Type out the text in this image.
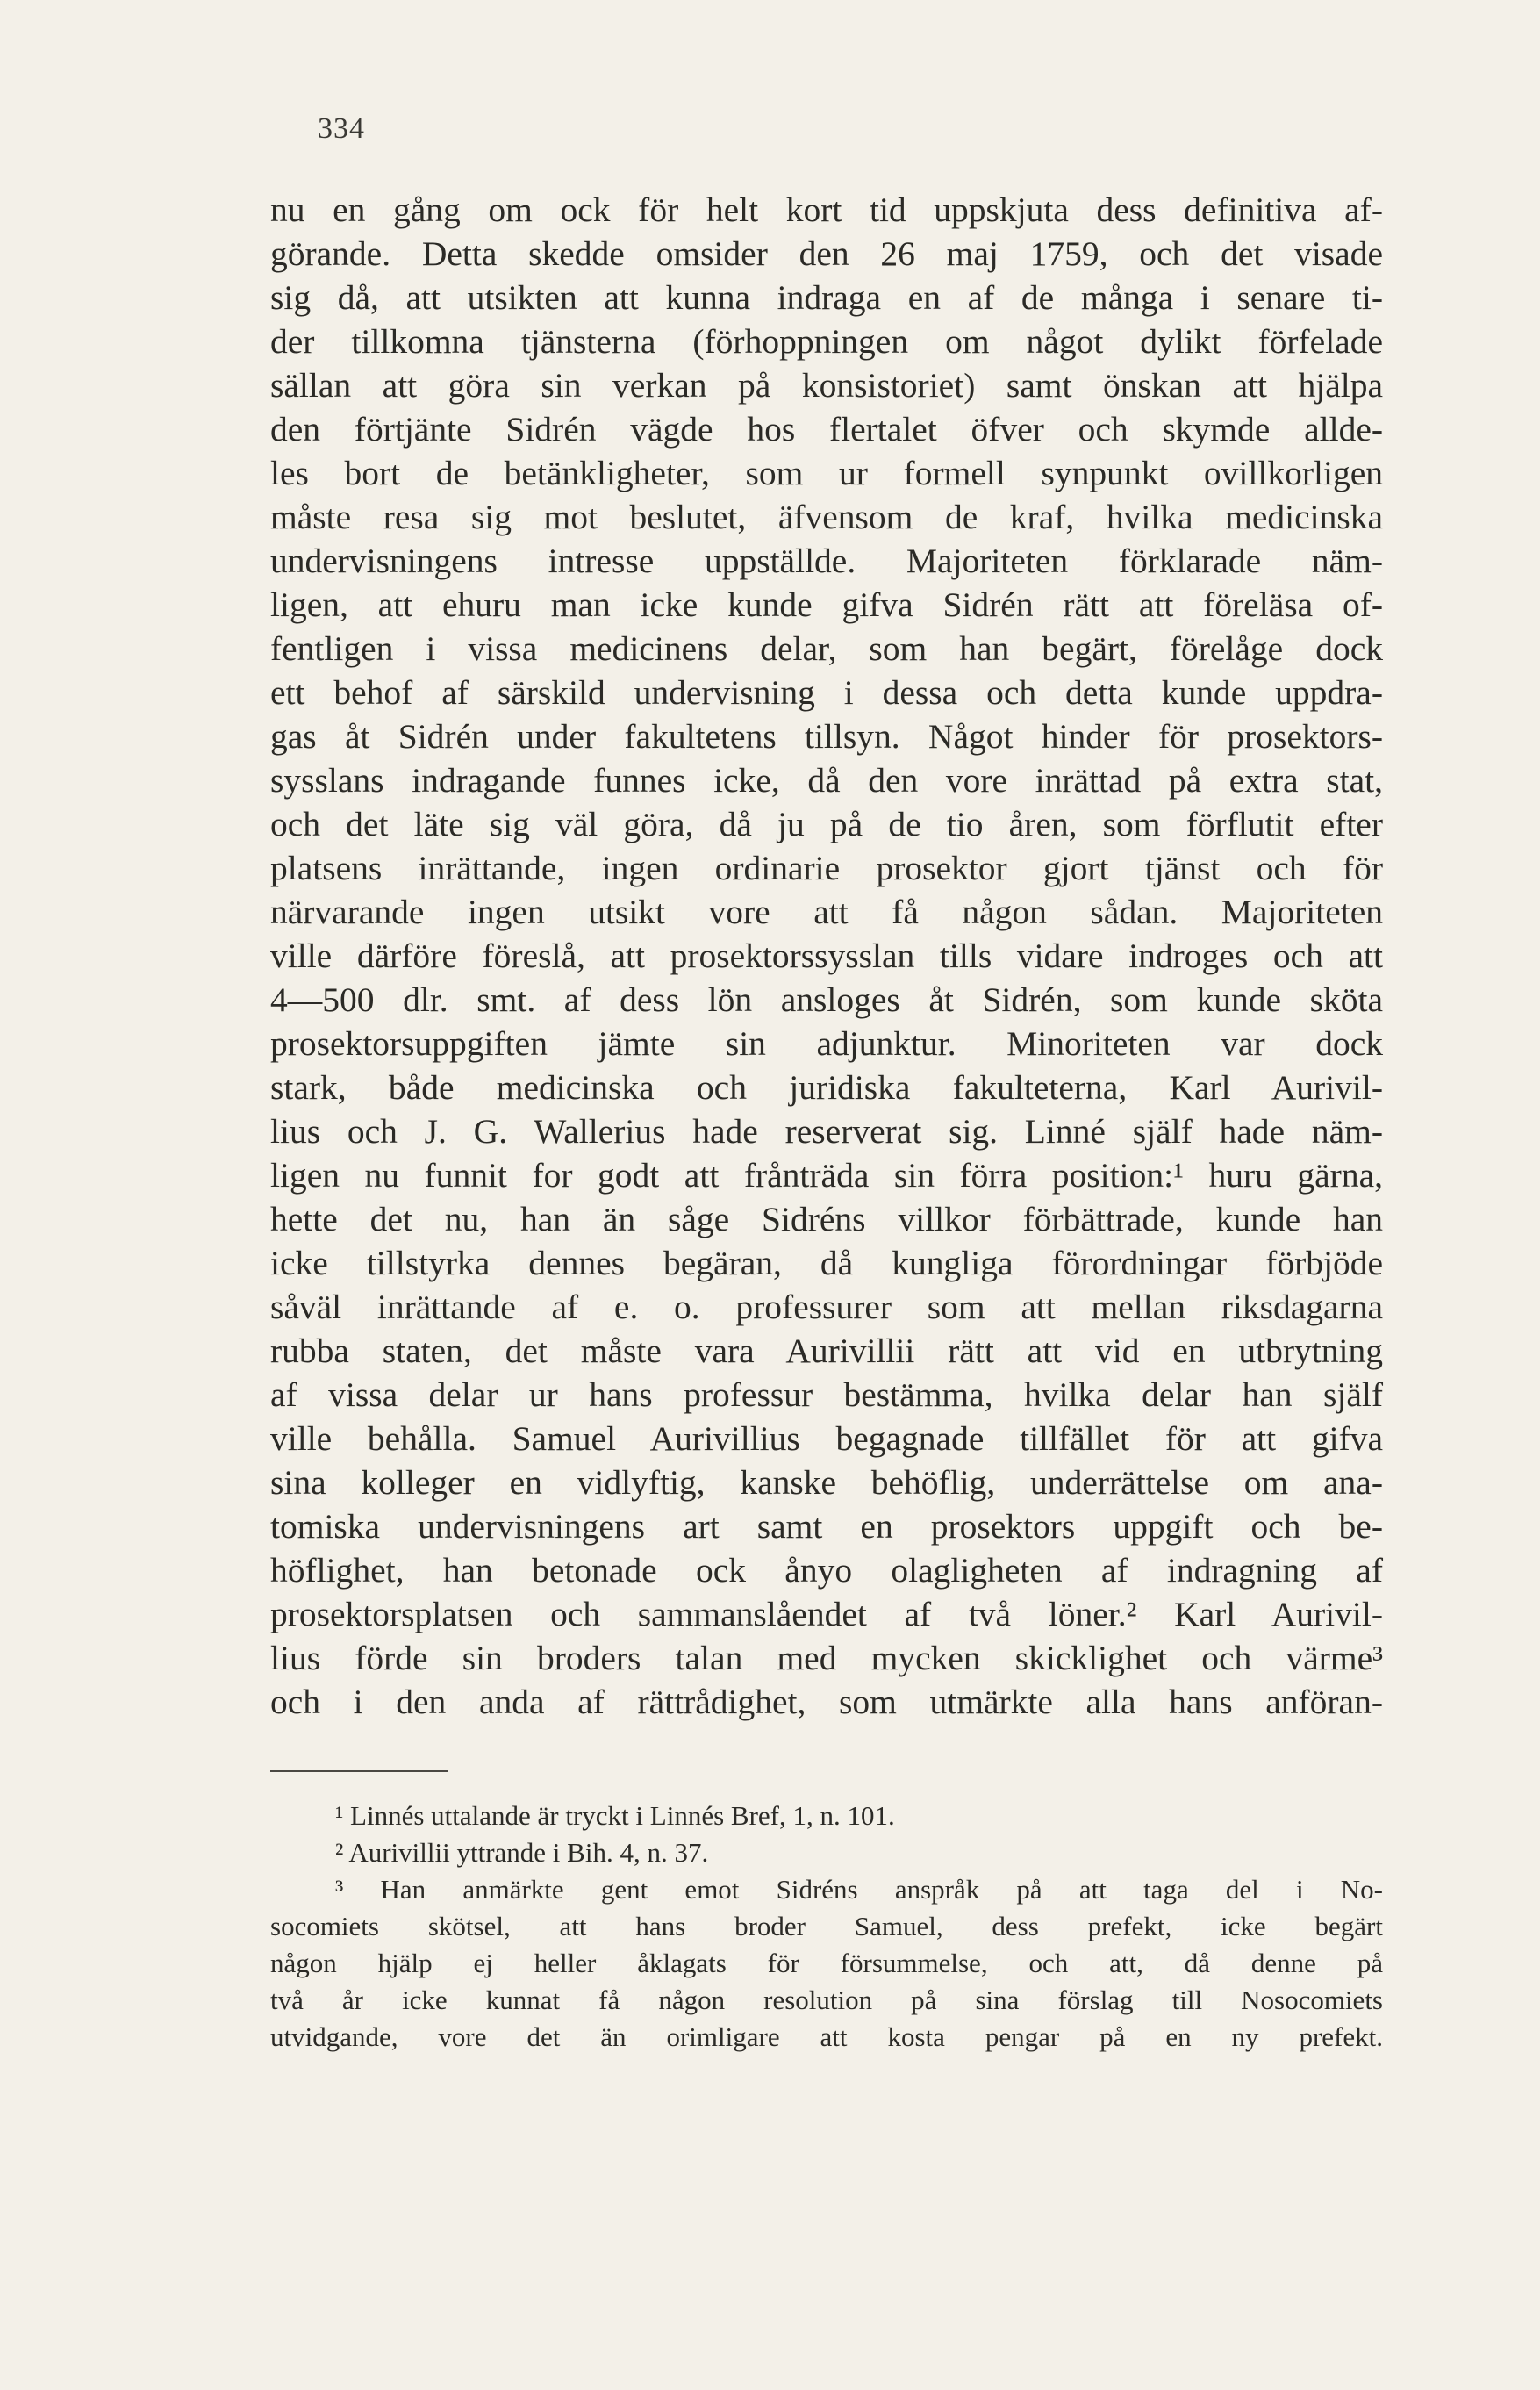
334
nu en gång om ock för helt kort tid uppskjuta dess definitiva af-
görande. Detta skedde omsider den 26 maj 1759, och det visade
sig då, att utsikten att kunna indraga en af de många i senare ti-
der tillkomna tjänsterna (förhoppningen om något dylikt förfelade
sällan att göra sin verkan på konsistoriet) samt önskan att hjälpa
den förtjänte Sidrén vägde hos flertalet öfver och skymde allde-
les bort de betänkligheter, som ur formell synpunkt ovillkorligen
måste resa sig mot beslutet, äfvensom de kraf, hvilka medicinska
undervisningens intresse uppställde. Majoriteten förklarade näm-
ligen, att ehuru man icke kunde gifva Sidrén rätt att föreläsa of-
fentligen i vissa medicinens delar, som han begärt, förelåge dock
ett behof af särskild undervisning i dessa och detta kunde uppdra-
gas åt Sidrén under fakultetens tillsyn. Något hinder för prosektors-
sysslans indragande funnes icke, då den vore inrättad på extra stat,
och det läte sig väl göra, då ju på de tio åren, som förflutit efter
platsens inrättande, ingen ordinarie prosektor gjort tjänst och för
närvarande ingen utsikt vore att få någon sådan. Majoriteten
ville därföre föreslå, att prosektorssysslan tills vidare indroges och att
4—500 dlr. smt. af dess lön ansloges åt Sidrén, som kunde sköta
prosektorsuppgiften jämte sin adjunktur. Minoriteten var dock
stark, både medicinska och juridiska fakulteterna, Karl Aurivil-
lius och J. G. Wallerius hade reserverat sig. Linné själf hade näm-
ligen nu funnit for godt att frånträda sin förra position:¹ huru gärna,
hette det nu, han än såge Sidréns villkor förbättrade, kunde han
icke tillstyrka dennes begäran, då kungliga förordningar förbjöde
såväl inrättande af e. o. professurer som att mellan riksdagarna
rubba staten, det måste vara Aurivillii rätt att vid en utbrytning
af vissa delar ur hans professur bestämma, hvilka delar han själf
ville behålla. Samuel Aurivillius begagnade tillfället för att gifva
sina kolleger en vidlyftig, kanske behöflig, underrättelse om ana-
tomiska undervisningens art samt en prosektors uppgift och be-
höflighet, han betonade ock ånyo olagligheten af indragning af
prosektorsplatsen och sammanslåendet af två löner.² Karl Aurivil-
lius förde sin broders talan med mycken skicklighet och värme³
och i den anda af rättrådighet, som utmärkte alla hans anföran-
¹ Linnés uttalande är tryckt i Linnés Bref, 1, n. 101.
² Aurivillii yttrande i Bih. 4, n. 37.
³ Han anmärkte gent emot Sidréns anspråk på att taga del i No-
socomiets skötsel, att hans broder Samuel, dess prefekt, icke begärt
någon hjälp ej heller åklagats för försummelse, och att, då denne på
två år icke kunnat få någon resolution på sina förslag till Nosocomiets
utvidgande, vore det än orimligare att kosta pengar på en ny prefekt.
